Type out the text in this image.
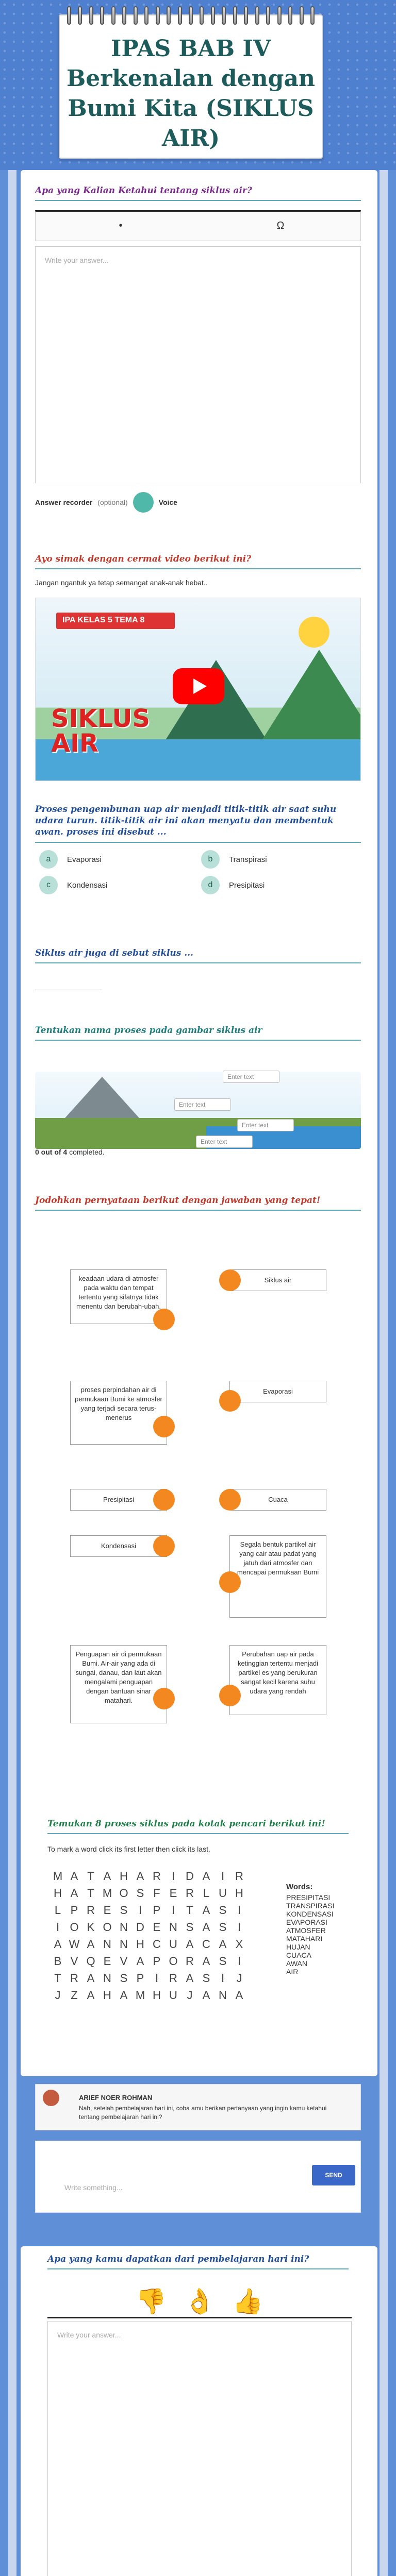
IPAS BAB IV Berkenalan dengan Bumi Kita (SIKLUS AIR)
Apa yang Kalian Ketahui tentang siklus air?
•	Ω
Write your answer...
Answer recorder (optional)	Voice
Ayo simak dengan cermat video berikut ini?
Jangan ngantuk ya tetap semangat anak-anak hebat..
IPA KELAS 5 TEMA 8
SIKLUS
AIR
Proses pengembunan uap air menjadi titik-titik air saat suhu udara turun. titik-titik air ini akan menyatu dan membentuk awan. proses ini disebut ...
a	Evaporasi	b	Transpirasi
c	Kondensasi	d	Presipitasi
Siklus air juga di sebut siklus ...
Tentukan nama proses pada gambar siklus air
Enter text
Enter text
Enter text
Enter text
0 out of 4 completed.
Jodohkan pernyataan berikut dengan jawaban yang tepat!
keadaan udara di atmosfer pada waktu dan tempat tertentu yang sifatnya tidak menentu dan berubah-ubah.
Siklus air
proses perpindahan air di permukaan Bumi ke atmosfer yang terjadi secara terus-menerus
Evaporasi
Presipitasi	Cuaca
Kondensasi	Segala bentuk partikel air yang cair atau padat yang jatuh dari atmosfer dan mencapai permukaan Bumi
Penguapan air di permukaan Bumi. Air-air yang ada di sungai, danau, dan laut akan mengalami penguapan dengan bantuan sinar matahari.
Perubahan uap air pada ketinggian tertentu menjadi partikel es yang berukuran sangat kecil karena suhu udara yang rendah
Temukan 8 proses siklus pada kotak pencari berikut ini!
To mark a word click its first letter then click its last.
M A T A H A R I D A I R
H A T M O S F E R L U H
L P R E S I P I	T A S I
I O K O N D E N S A S I
A W A N N H C U A C A X
B V Q E V A P O R A S I
T R A N S P I R A S I	J
J Z A H A M H U J A N A
Words:
PRESIPITASI
TRANSPIRASI
KONDENSASI
EVAPORASI
ATMOSFER
MATAHARI
HUJAN
CUACA
AWAN
AIR
ARIEF NOER ROHMAN
Nah, setelah pembelajaran hari ini, coba amu berikan pertanyaan yang ingin kamu ketahui tentang pembelajaran hari ini?
Write something...
SEND
Apa yang kamu dapatkan dari pembelajaran hari ini?
👎 👌 👍
Write your answer...
